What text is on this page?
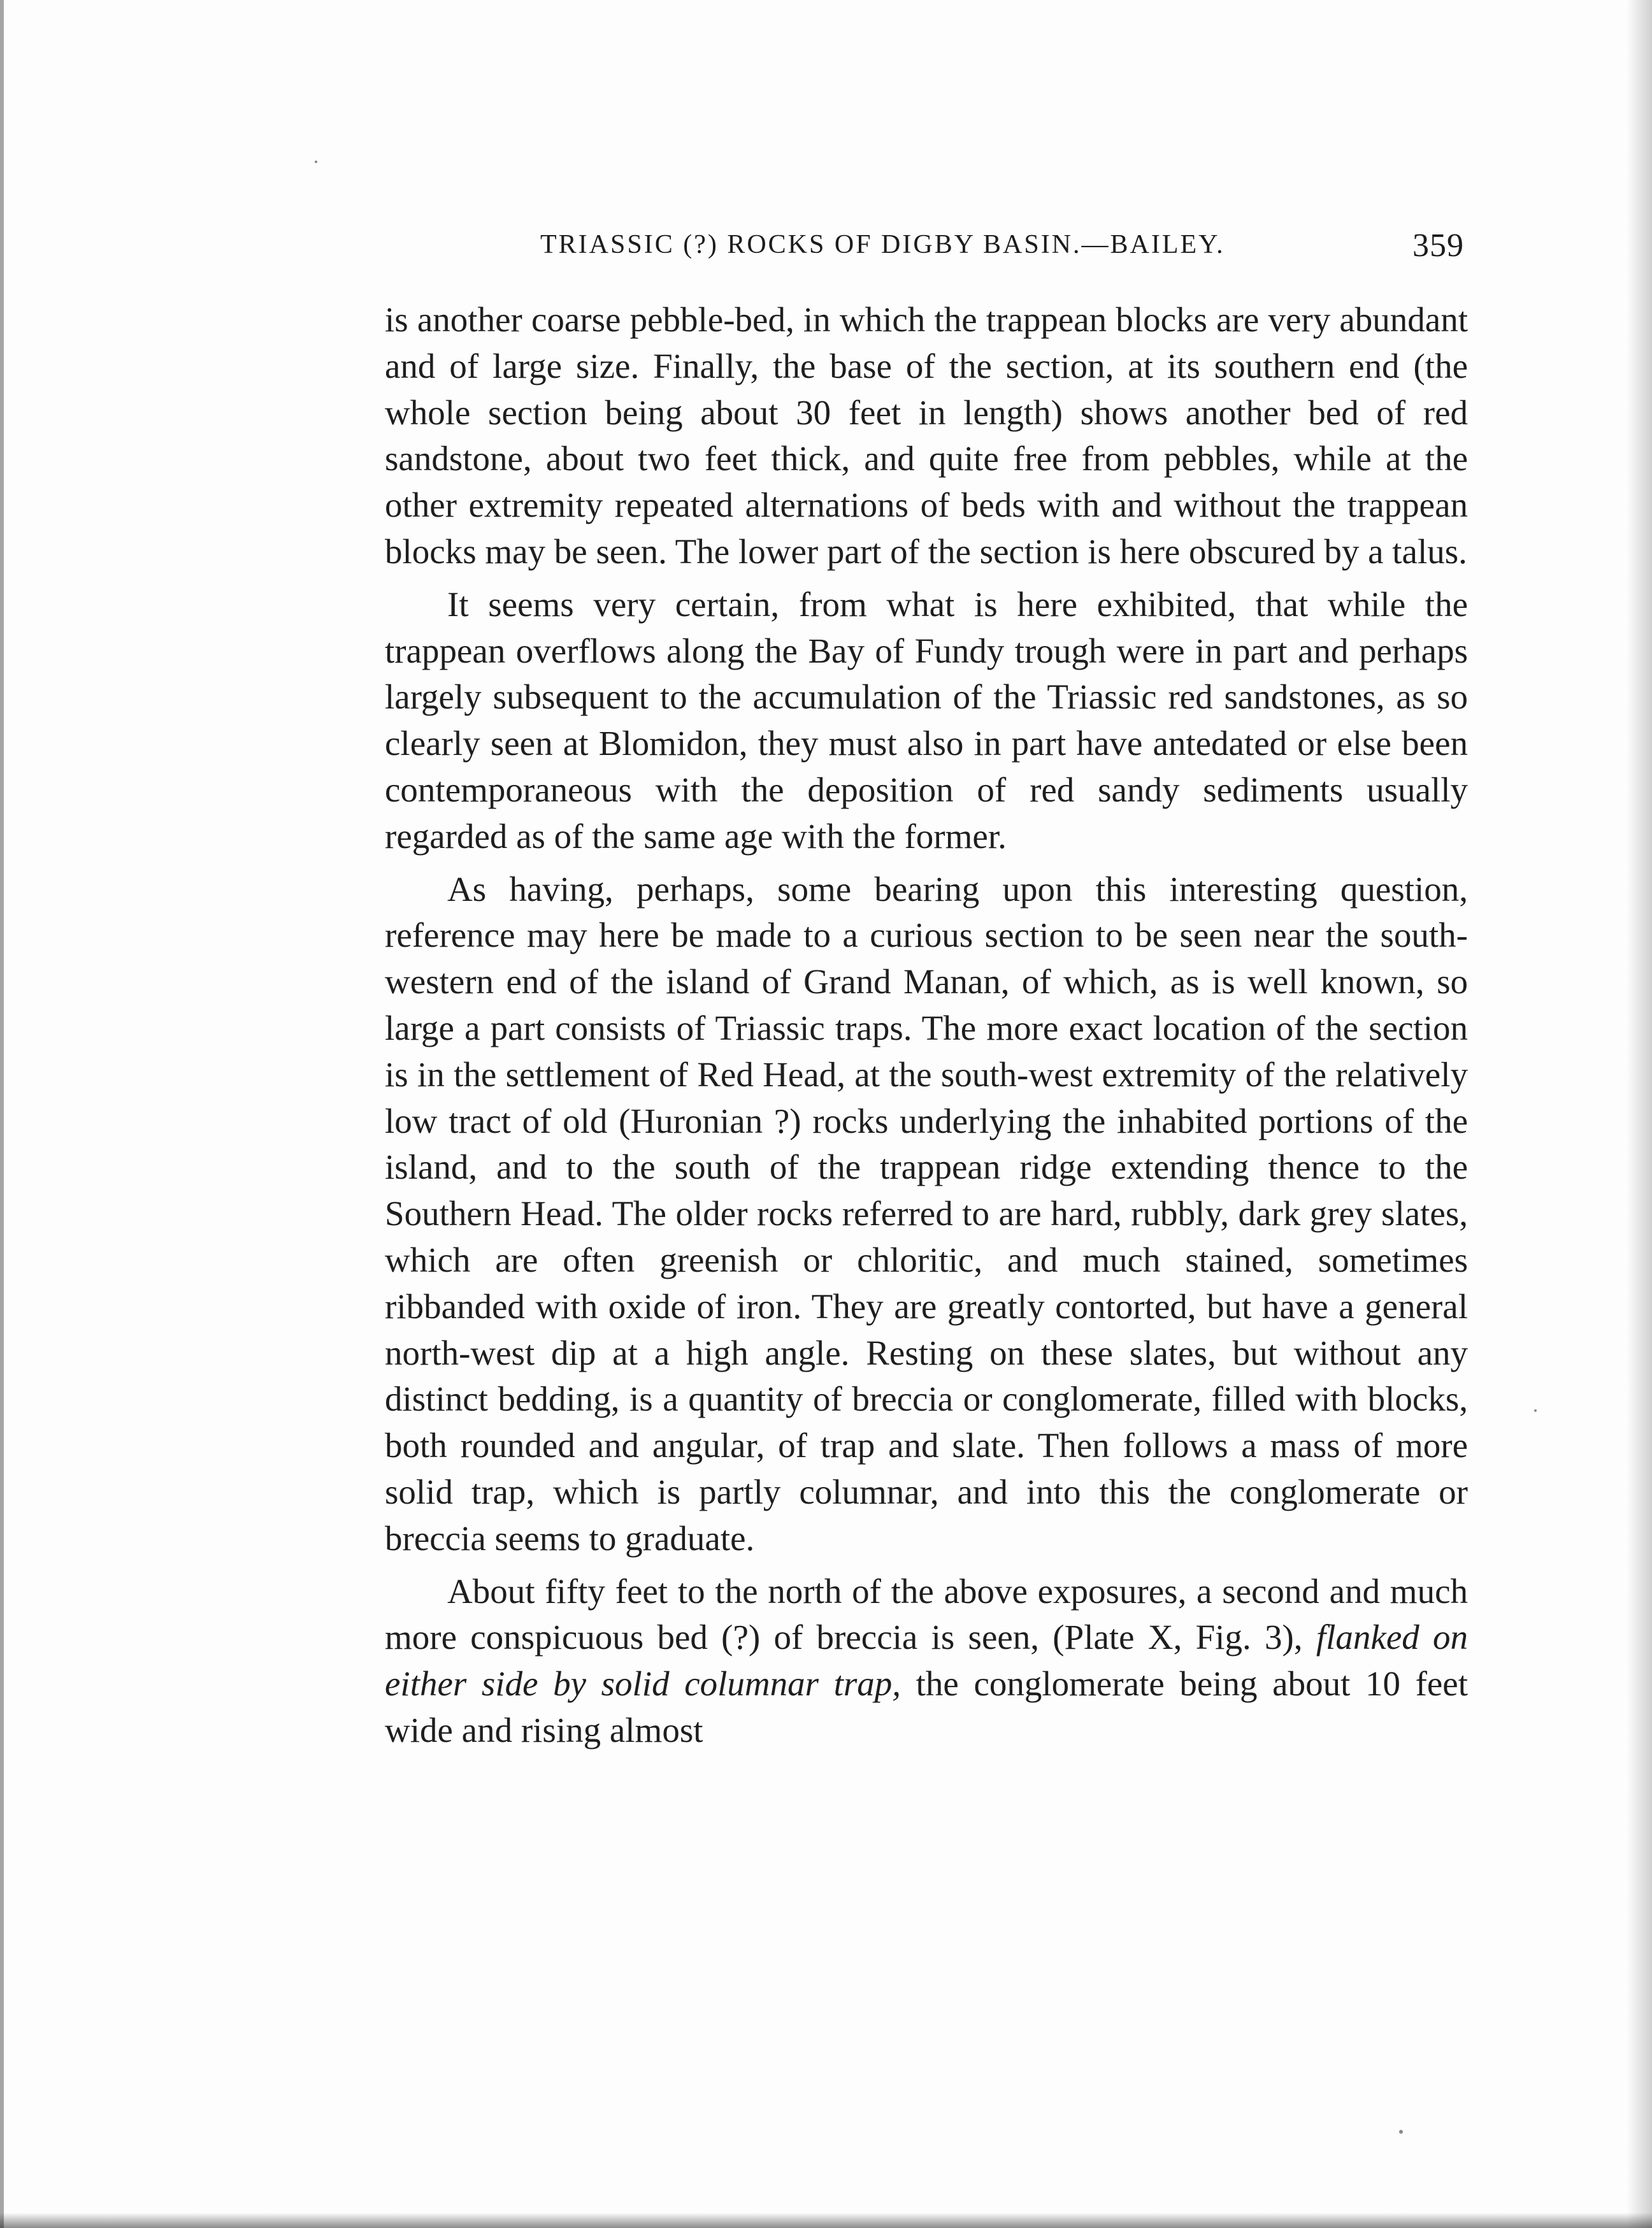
TRIASSIC (?) ROCKS OF DIGBY BASIN.—BAILEY.	359

is another coarse pebble-bed, in which the trappean blocks are very abundant and of large size. Finally, the base of the section, at its southern end (the whole section being about 30 feet in length) shows another bed of red sandstone, about two feet thick, and quite free from pebbles, while at the other extremity repeated alternations of beds with and without the trappean blocks may be seen. The lower part of the section is here obscured by a talus.

It seems very certain, from what is here exhibited, that while the trappean overflows along the Bay of Fundy trough were in part and perhaps largely subsequent to the accumulation of the Triassic red sandstones, as so clearly seen at Blomidon, they must also in part have antedated or else been contemporaneous with the deposition of red sandy sediments usually regarded as of the same age with the former.

As having, perhaps, some bearing upon this interesting question, reference may here be made to a curious section to be seen near the south-western end of the island of Grand Manan, of which, as is well known, so large a part consists of Triassic traps. The more exact location of the section is in the settlement of Red Head, at the south-west extremity of the relatively low tract of old (Huronian ?) rocks underlying the inhabited portions of the island, and to the south of the trappean ridge extending thence to the Southern Head. The older rocks referred to are hard, rubbly, dark grey slates, which are often greenish or chloritic, and much stained, sometimes ribbanded with oxide of iron. They are greatly contorted, but have a general north-west dip at a high angle. Resting on these slates, but without any distinct bedding, is a quantity of breccia or conglomerate, filled with blocks, both rounded and angular, of trap and slate. Then follows a mass of more solid trap, which is partly columnar, and into this the conglomerate or breccia seems to graduate.

About fifty feet to the north of the above exposures, a second and much more conspicuous bed (?) of breccia is seen, (Plate X, Fig. 3), flanked on either side by solid columnar trap, the conglomerate being about 10 feet wide and rising almost
